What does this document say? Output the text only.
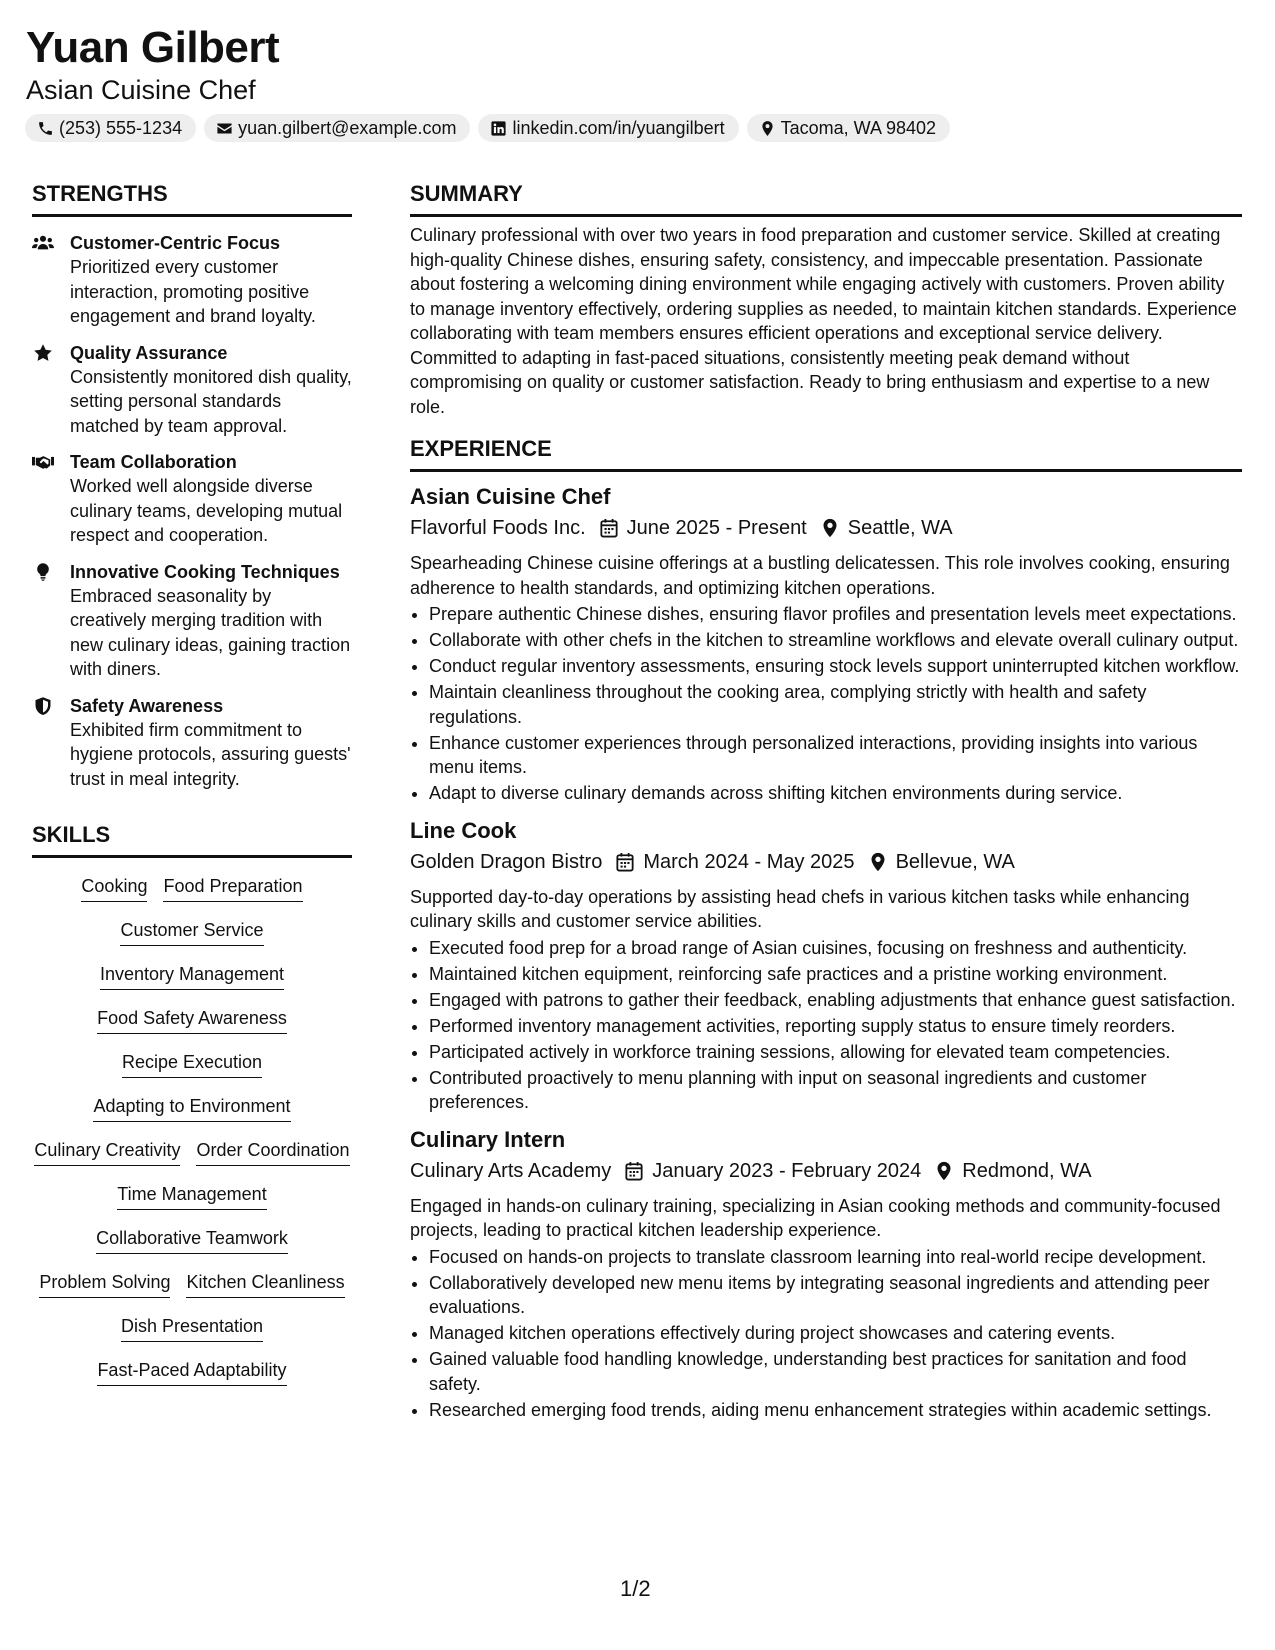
Yuan Gilbert
Asian Cuisine Chef
(253) 555-1234	yuan.gilbert@example.com	linkedin.com/in/yuangilbert	Tacoma, WA 98402
STRENGTHS
Customer-Centric Focus
Prioritized every customer interaction, promoting positive engagement and brand loyalty.
Quality Assurance
Consistently monitored dish quality, setting personal standards matched by team approval.
Team Collaboration
Worked well alongside diverse culinary teams, developing mutual respect and cooperation.
Innovative Cooking Techniques
Embraced seasonality by creatively merging tradition with new culinary ideas, gaining traction with diners.
Safety Awareness
Exhibited firm commitment to hygiene protocols, assuring guests' trust in meal integrity.
SKILLS
Cooking Food Preparation
Customer Service
Inventory Management
Food Safety Awareness
Recipe Execution
Adapting to Environment
Culinary Creativity Order Coordination
Time Management
Collaborative Teamwork
Problem Solving Kitchen Cleanliness
Dish Presentation
Fast-Paced Adaptability
SUMMARY

Culinary professional with over two years in food preparation and customer service. Skilled at creating high-quality Chinese dishes, ensuring safety, consistency, and impeccable presentation. Passionate about fostering a welcoming dining environment while engaging actively with customers. Proven ability to manage inventory effectively, ordering supplies as needed, to maintain kitchen standards. Experience collaborating with team members ensures efficient operations and exceptional service delivery. Committed to adapting in fast-paced situations, consistently meeting peak demand without compromising on quality or customer satisfaction. Ready to bring enthusiasm and expertise to a new role.

EXPERIENCE
Asian Cuisine Chef
Flavorful Foods Inc. June 2025 - Present Seattle, WA

Spearheading Chinese cuisine offerings at a bustling delicatessen. This role involves cooking, ensuring adherence to health standards, and optimizing kitchen operations.

• Prepare authentic Chinese dishes, ensuring flavor profiles and presentation levels meet expectations.
• Collaborate with other chefs in the kitchen to streamline workflows and elevate overall culinary output.
• Conduct regular inventory assessments, ensuring stock levels support uninterrupted kitchen workflow.
• Maintain cleanliness throughout the cooking area, complying strictly with health and safety regulations.
• Enhance customer experiences through personalized interactions, providing insights into various menu items.
• Adapt to diverse culinary demands across shifting kitchen environments during service.
Line Cook
Golden Dragon Bistro March 2024 - May 2025 Bellevue, WA

Supported day-to-day operations by assisting head chefs in various kitchen tasks while enhancing culinary skills and customer service abilities.

• Executed food prep for a broad range of Asian cuisines, focusing on freshness and authenticity.
• Maintained kitchen equipment, reinforcing safe practices and a pristine working environment.
• Engaged with patrons to gather their feedback, enabling adjustments that enhance guest satisfaction.
• Performed inventory management activities, reporting supply status to ensure timely reorders.
• Participated actively in workforce training sessions, allowing for elevated team competencies.
• Contributed proactively to menu planning with input on seasonal ingredients and customer preferences.
Culinary Intern
Culinary Arts Academy January 2023 - February 2024 Redmond, WA

Engaged in hands-on culinary training, specializing in Asian cooking methods and community-focused projects, leading to practical kitchen leadership experience.

• Focused on hands-on projects to translate classroom learning into real-world recipe development.
• Collaboratively developed new menu items by integrating seasonal ingredients and attending peer evaluations.
• Managed kitchen operations effectively during project showcases and catering events.
• Gained valuable food handling knowledge, understanding best practices for sanitation and food safety.
• Researched emerging food trends, aiding menu enhancement strategies within academic settings.
1/2
